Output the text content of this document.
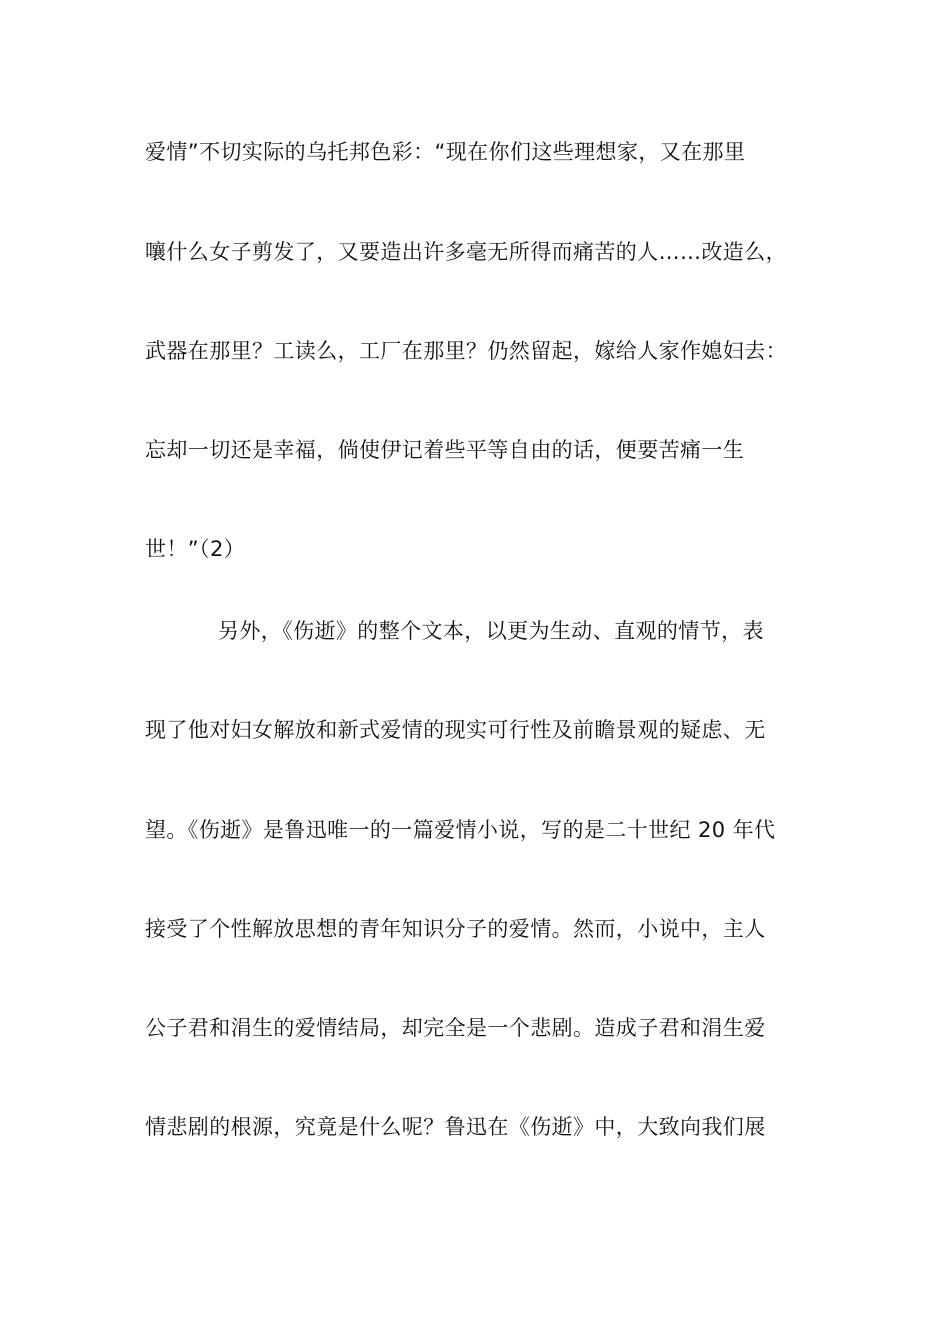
爱情”不切实际的乌托邦色彩：“现在你们这些理想家，又在那里
嚷什么女子剪发了，又要造出许多毫无所得而痛苦的人……改造么，
武器在那里？工读么，工厂在那里？仍然留起，嫁给人家作媳妇去：
忘却一切还是幸福，倘使伊记着些平等自由的话，便要苦痛一生
世！”（2）
另外，《伤逝》的整个文本，以更为生动、直观的情节，表
现了他对妇女解放和新式爱情的现实可行性及前瞻景观的疑虑、无
望。《伤逝》是鲁迅唯一的一篇爱情小说，写的是二十世纪 20 年代
接受了个性解放思想的青年知识分子的爱情。然而，小说中，主人
公子君和涓生的爱情结局，却完全是一个悲剧。造成子君和涓生爱
情悲剧的根源，究竟是什么呢？鲁迅在《伤逝》中，大致向我们展
